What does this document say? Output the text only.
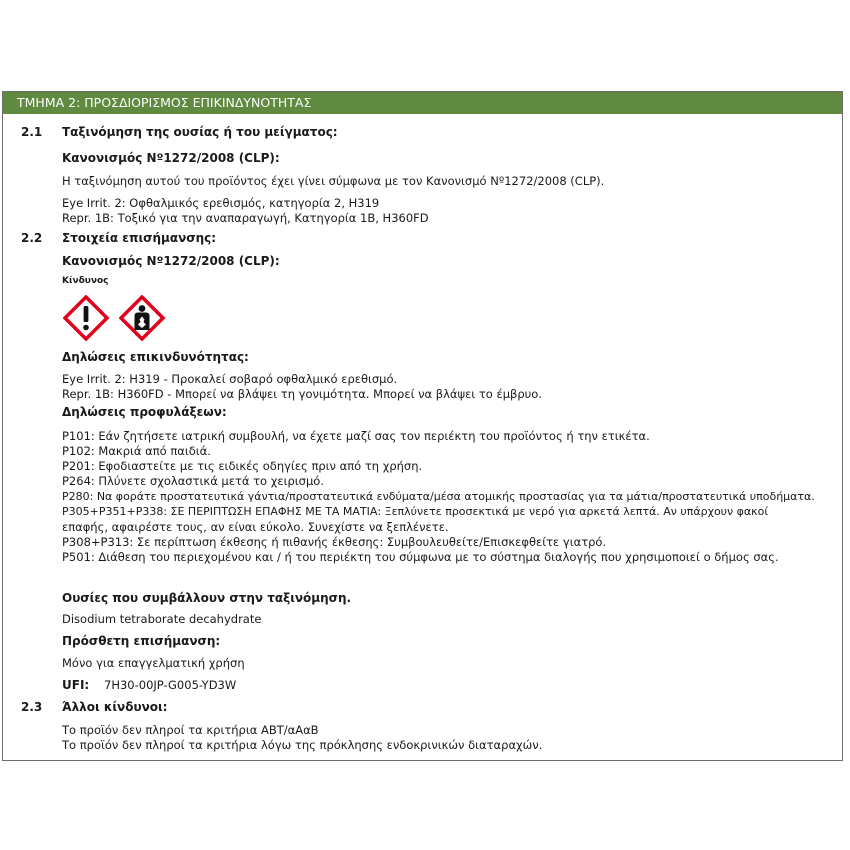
ΤΜΗΜΑ 2: ΠΡΟΣΔΙΟΡΙΣΜΟΣ ΕΠΙΚΙΝΔΥΝΟΤΗΤΑΣ
2.1 Ταξινόμηση της ουσίας ή του μείγματος:
Κανονισμός Nº1272/2008 (CLP):
Η ταξινόμηση αυτού του προϊόντος έχει γίνει σύμφωνα με τον Κανονισμό Nº1272/2008 (CLP).
Eye Irrit. 2: Οφθαλμικός ερεθισμός, κατηγορία 2, H319
Repr. 1B: Τοξικό για την αναπαραγωγή, Κατηγορία 1B, H360FD
2.2 Στοιχεία επισήμανσης:
Κανονισμός Nº1272/2008 (CLP):
Κίνδυνος
Δηλώσεις επικινδυνότητας:
Eye Irrit. 2: H319 - Προκαλεί σοβαρό οφθαλμικό ερεθισμό.
Repr. 1B: H360FD - Μπορεί να βλάψει τη γονιμότητα. Μπορεί να βλάψει το έμβρυο.
Δηλώσεις προφυλάξεων:
P101: Εάν ζητήσετε ιατρική συμβουλή, να έχετε μαζί σας τον περιέκτη του προϊόντος ή την ετικέτα.
P102: Μακριά από παιδιά.
P201: Εφοδιαστείτε με τις ειδικές οδηγίες πριν από τη χρήση.
P264: Πλύνετε σχολαστικά μετά το χειρισμό.
P280: Να φοράτε προστατευτικά γάντια/προστατευτικά ενδύματα/μέσα ατομικής προστασίας για τα μάτια/προστατευτικά υποδήματα.
P305+P351+P338: ΣΕ ΠΕΡΙΠΤΩΣΗ ΕΠΑΦΗΣ ΜΕ ΤΑ ΜΑΤΙΑ: Ξεπλύνετε προσεκτικά με νερό για αρκετά λεπτά. Αν υπάρχουν φακοί
επαφής, αφαιρέστε τους, αν είναι εύκολο. Συνεχίστε να ξεπλένετε.
P308+P313: Σε περίπτωση έκθεσης ή πιθανής έκθεσης: Συμβουλευθείτε/Επισκεφθείτε γιατρό.
P501: Διάθεση του περιεχομένου και / ή του περιέκτη του σύμφωνα με το σύστημα διαλογής που χρησιμοποιεί ο δήμος σας.
Ουσίες που συμβάλλουν στην ταξινόμηση.
Disodium tetraborate decahydrate
Πρόσθετη επισήμανση:
Μόνο για επαγγελματική χρήση
UFI: 7H30-00JP-G005-YD3W
2.3 Άλλοι κίνδυνοι:
Το προϊόν δεν πληροί τα κριτήρια ΑΒΤ/αΑαΒ
Το προϊόν δεν πληροί τα κριτήρια λόγω της πρόκλησης ενδοκρινικών διαταραχών.
